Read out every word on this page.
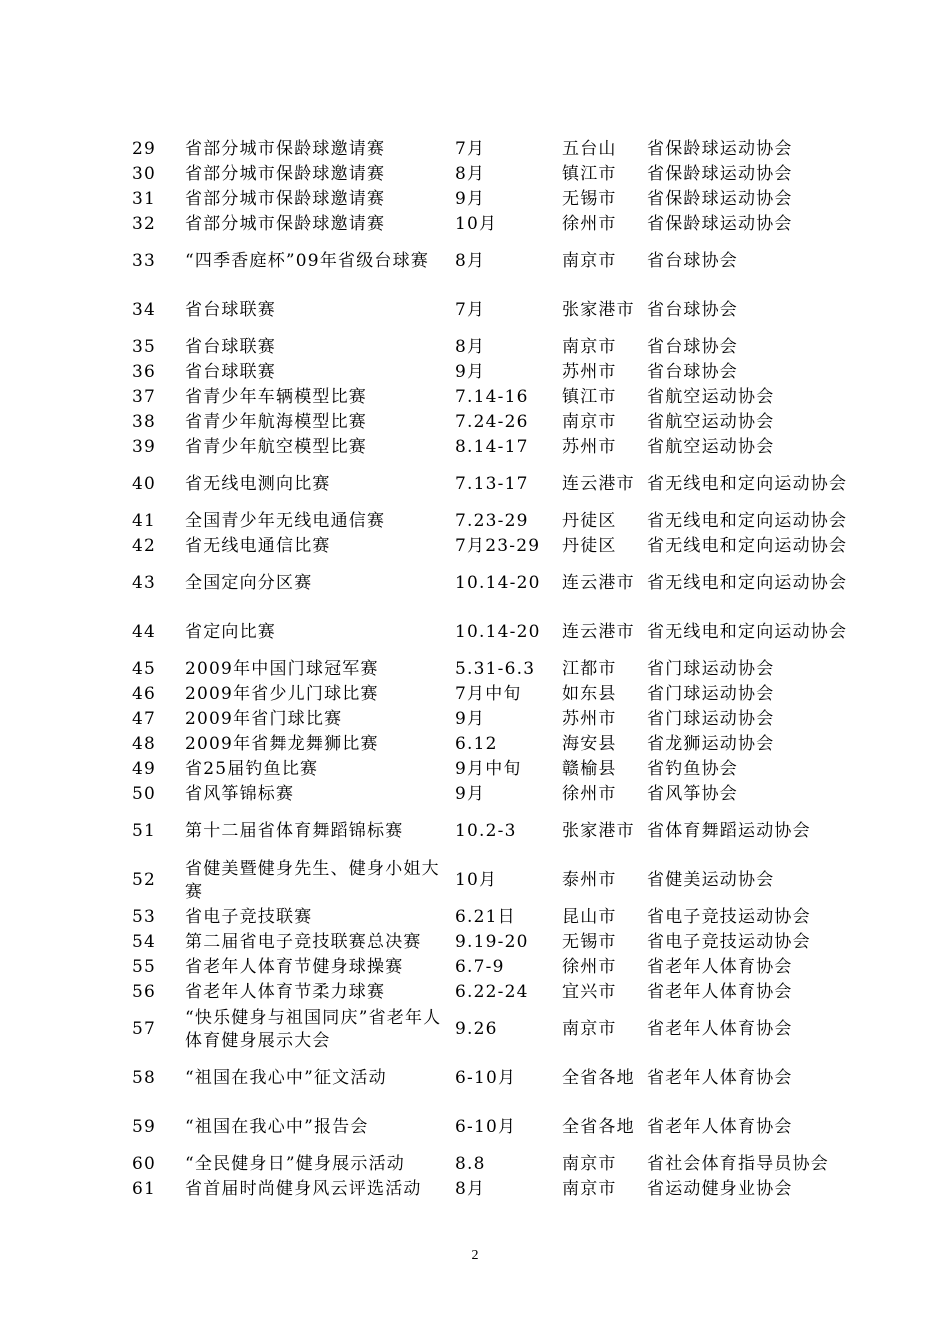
29	省部分城市保龄球邀请赛	7月	五台山	省保龄球运动协会
30	省部分城市保龄球邀请赛	8月	镇江市	省保龄球运动协会
31	省部分城市保龄球邀请赛	9月	无锡市	省保龄球运动协会
32	省部分城市保龄球邀请赛	10月	徐州市	省保龄球运动协会
33	“四季香庭杯”09年省级台球赛	8月	南京市	省台球协会
34	省台球联赛	7月	张家港市	省台球协会
35	省台球联赛	8月	南京市	省台球协会
36	省台球联赛	9月	苏州市	省台球协会
37	省青少年车辆模型比赛	7.14-16	镇江市	省航空运动协会
38	省青少年航海模型比赛	7.24-26	南京市	省航空运动协会
39	省青少年航空模型比赛	8.14-17	苏州市	省航空运动协会
40	省无线电测向比赛	7.13-17	连云港市	省无线电和定向运动协会
41	全国青少年无线电通信赛	7.23-29	丹徒区	省无线电和定向运动协会
42	省无线电通信比赛	7月23-29	丹徒区	省无线电和定向运动协会
43	全国定向分区赛	10.14-20	连云港市	省无线电和定向运动协会
44	省定向比赛	10.14-20	连云港市	省无线电和定向运动协会
45	2009年中国门球冠军赛	5.31-6.3	江都市	省门球运动协会
46	2009年省少儿门球比赛	7月中旬	如东县	省门球运动协会
47	2009年省门球比赛	9月	苏州市	省门球运动协会
48	2009年省舞龙舞狮比赛	6.12	海安县	省龙狮运动协会
49	省25届钓鱼比赛	9月中旬	赣榆县	省钓鱼协会
50	省风筝锦标赛	9月	徐州市	省风筝协会
51	第十二届省体育舞蹈锦标赛	10.2-3	张家港市	省体育舞蹈运动协会
52	省健美暨健身先生、健身小姐大赛	10月	泰州市	省健美运动协会
53	省电子竞技联赛	6.21日	昆山市	省电子竞技运动协会
54	第二届省电子竞技联赛总决赛	9.19-20	无锡市	省电子竞技运动协会
55	省老年人体育节健身球操赛	6.7-9	徐州市	省老年人体育协会
56	省老年人体育节柔力球赛	6.22-24	宜兴市	省老年人体育协会
57	“快乐健身与祖国同庆”省老年人体育健身展示大会	9.26	南京市	省老年人体育协会
58	“祖国在我心中”征文活动	6-10月	全省各地	省老年人体育协会
59	“祖国在我心中”报告会	6-10月	全省各地	省老年人体育协会
60	“全民健身日”健身展示活动	8.8	南京市	省社会体育指导员协会
61	省首届时尚健身风云评选活动	8月	南京市	省运动健身业协会
2
